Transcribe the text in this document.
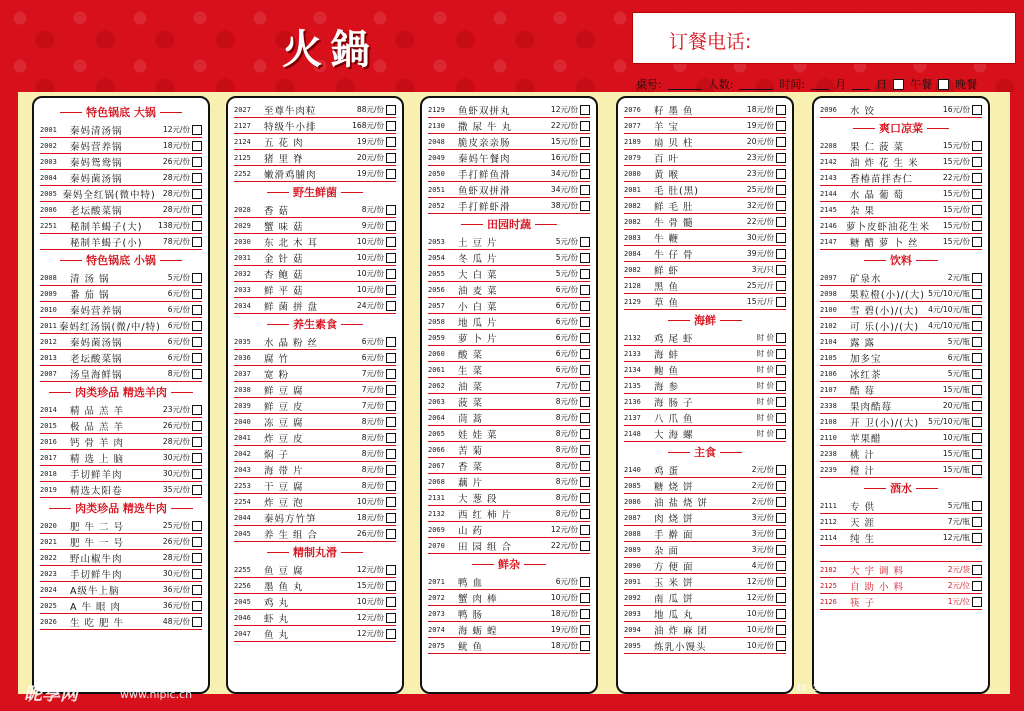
火鍋	订餐电话:
桌号:	人数:	时间:	月	日 午餐 晚餐
特色锅底 大锅
2001	秦妈清汤锅	12元/份
2002	秦妈营养锅	18元/份
2003	秦妈鸳鸯锅	26元/份
2004	秦妈菌汤锅	28元/份
2005 秦妈全红锅(微中特) 28元/份
2006	老坛酸菜锅	28元/份
2251	秘制羊蝎子(大)	138元/份
秘制羊蝎子(小)	78元/份
特色锅底 小锅
2008	清 汤 锅	5元/份
2009	番 茄 锅	6元/份
2010	秦妈营养锅	6元/份
2011 秦妈红汤锅(微/中/特) 6元/份
2012	秦妈菌汤锅	6元/份
2013	老坛酸菜锅	6元/份
2007	汤皇海鲜锅	8元/份
肉类珍品 精选羊肉
2014	精 品 羔 羊	23元/份
2015	极 品 羔 羊	26元/份
2016	钙 骨 羊 肉	28元/份
2017	精 选 上 脑	30元/份
2018	手切鲜羊肉	30元/份
2019	精选太阳卷	35元/份
肉类珍品 精选牛肉
2020	肥 牛 二 号	25元/份
2021	肥 牛 一 号	26元/份
2022	野山椒牛肉	28元/份
2023	手切鲜牛肉	30元/份
2024	A级牛上脑	36元/份
2025	A 牛 眼 肉	36元/份
2026	生 吃 肥 牛	48元/份
2027	至尊牛肉粒	88元/份
2127	特级牛小排	168元/份
2124	五 花 肉	19元/份
2125	猪 里 脊	20元/份
2252	嫩滑鸡脯肉	19元/份
野生鲜菌
2028	香 菇	8元/份
2029	蟹 味 菇	9元/份
2030	东 北 木 耳	10元/份
2031	金 针 菇	10元/份
2032	杏 鲍 菇	10元/份
2033	鲜 平 菇	10元/份
2034	鲜 菌 拼 盘	24元/份
养生素食
2035	水 晶 粉 丝	6元/份
2036	腐 竹	6元/份
2037	宽 粉	7元/份
2038	鲜 豆 腐	7元/份
2039	鲜 豆 皮	7元/份
2040	冻 豆 腐	8元/份
2041	炸 豆 皮	8元/份
2042	焖 子	8元/份
2043	海 带 片	8元/份
2253	干 豆 腐	8元/份
2254	炸 豆 泡	10元/份
2044	秦妈方竹笋	18元/份
2045	养 生 组 合	26元/份
精制丸滑
2255	鱼 豆 腐	12元/份
2256	墨 鱼 丸	15元/份
2045	鸡 丸	10元/份
2046	虾 丸	12元/份
2047	鱼 丸	12元/份
2129	鱼虾双拼丸	12元/份
2130	撒 尿 牛 丸	22元/份
2048	脆皮亲亲肠	15元/份
2049	秦妈午餐肉	16元/份
2050	手打鲜鱼滑	34元/份
2051	鱼虾双拼滑	34元/份
2052	手打鲜虾滑	38元/份
田园时蔬
2053	土 豆 片	5元/份
2054	冬 瓜 片	5元/份
2055	大 白 菜	5元/份
2056	油 麦 菜	6元/份
2057	小 白 菜	6元/份
2058	地 瓜 片	6元/份
2059	萝 卜 片	6元/份
2060	酸 菜	6元/份
2061	生 菜	6元/份
2062	油 菜	7元/份
2063	菠 菜	8元/份
2064	茼 蒿	8元/份
2065	娃 娃 菜	8元/份
2066	苦 菊	8元/份
2067	香 菜	8元/份
2068	藕 片	8元/份
2131	大 葱 段	8元/份
2132	西 红 柿 片	8元/份
2069	山 药	12元/份
2070	田 园 组 合	22元/份
鲜杂
2071	鸭 血	6元/份
2072	蟹 肉 棒	10元/份
2073	鸭 肠	18元/份
2074	海 蛎 蝗	19元/份
2075	鱿 鱼	18元/份
2076	籽 墨 鱼	18元/份
2077	羊 宝	19元/份
2189	扇 贝 柱	20元/份
2079	百 叶	23元/份
2080	黄 喉	23元/份
2081	毛 肚(黑)	25元/份
2082	鲜 毛 肚	32元/份
2082	牛 骨 髓	22元/份
2083	牛 鞭	30元/份
2084	牛 仔 骨	39元/份
2082	鲜 虾	3元/只
2128	黑 鱼	25元/斤
2129	草 鱼	15元/斤
海鲜
2132	鸡 尾 虾	时 价
2133	海 蚌	时 价
2134	鲍 鱼	时 价
2135	海 参	时 价
2136	海 肠 子	时 价
2137	八 爪 鱼	时 价
2148	大 海 螺	时 价
主食
2140	鸡 蛋	2元/份
2085	糖 烧 饼	2元/份
2086	油 盐 烧 饼	2元/份
2087	肉 烧 饼	3元/份
2088	手 擀 面	3元/份
2089	杂 面	3元/份
2090	方 便 面	4元/份
2091	玉 米 饼	12元/份
2092	南 瓜 饼	12元/份
2093	地 瓜 丸	10元/份
2094	油 炸 麻 团	10元/份
2095	炼乳小馒头	10元/份
2096	水 饺	16元/份
爽口凉菜
2208	果 仁 菠 菜	15元/份
2142	油 炸 花 生 米	15元/份
2143	香椿苗拌杏仁	22元/份
2144	水 晶 葡 萄	15元/份
2145	杂 果	15元/份
2146 萝卜皮虾油花生米	15元/份
2147	糖 醋 萝 卜 丝	15元/份
饮料
2097	矿泉水	2元/瓶
2098	果粒橙(小)/(大) 5元/10元/瓶
2100	雪 碧(小)/(大)	4元/10元/瓶
2102	可 乐(小)/(大)	4元/10元/瓶
2104	露 露	5元/瓶
2105	加多宝	6元/瓶
2106	冰红茶	5元/瓶
2107	酷 莓	15元/瓶
2338	果肉酷莓	20元/瓶
2108	开 卫(小)/(大)	5元/10元/瓶
2110	苹果醋	10元/瓶
2238	桃 汁	15元/瓶
2239	橙 汁	15元/瓶
酒水
2111	专 供	5元/瓶
2112	天 涯	7元/瓶
2114	纯 生	12元/瓶
2182	大 宇 调 料	2元/袋
2125	自 助 小 料	2元/位
2126	筷 子	1元/位
昵享网	www.nipic.cn	ID:26411736 NO:20220716172756264105
